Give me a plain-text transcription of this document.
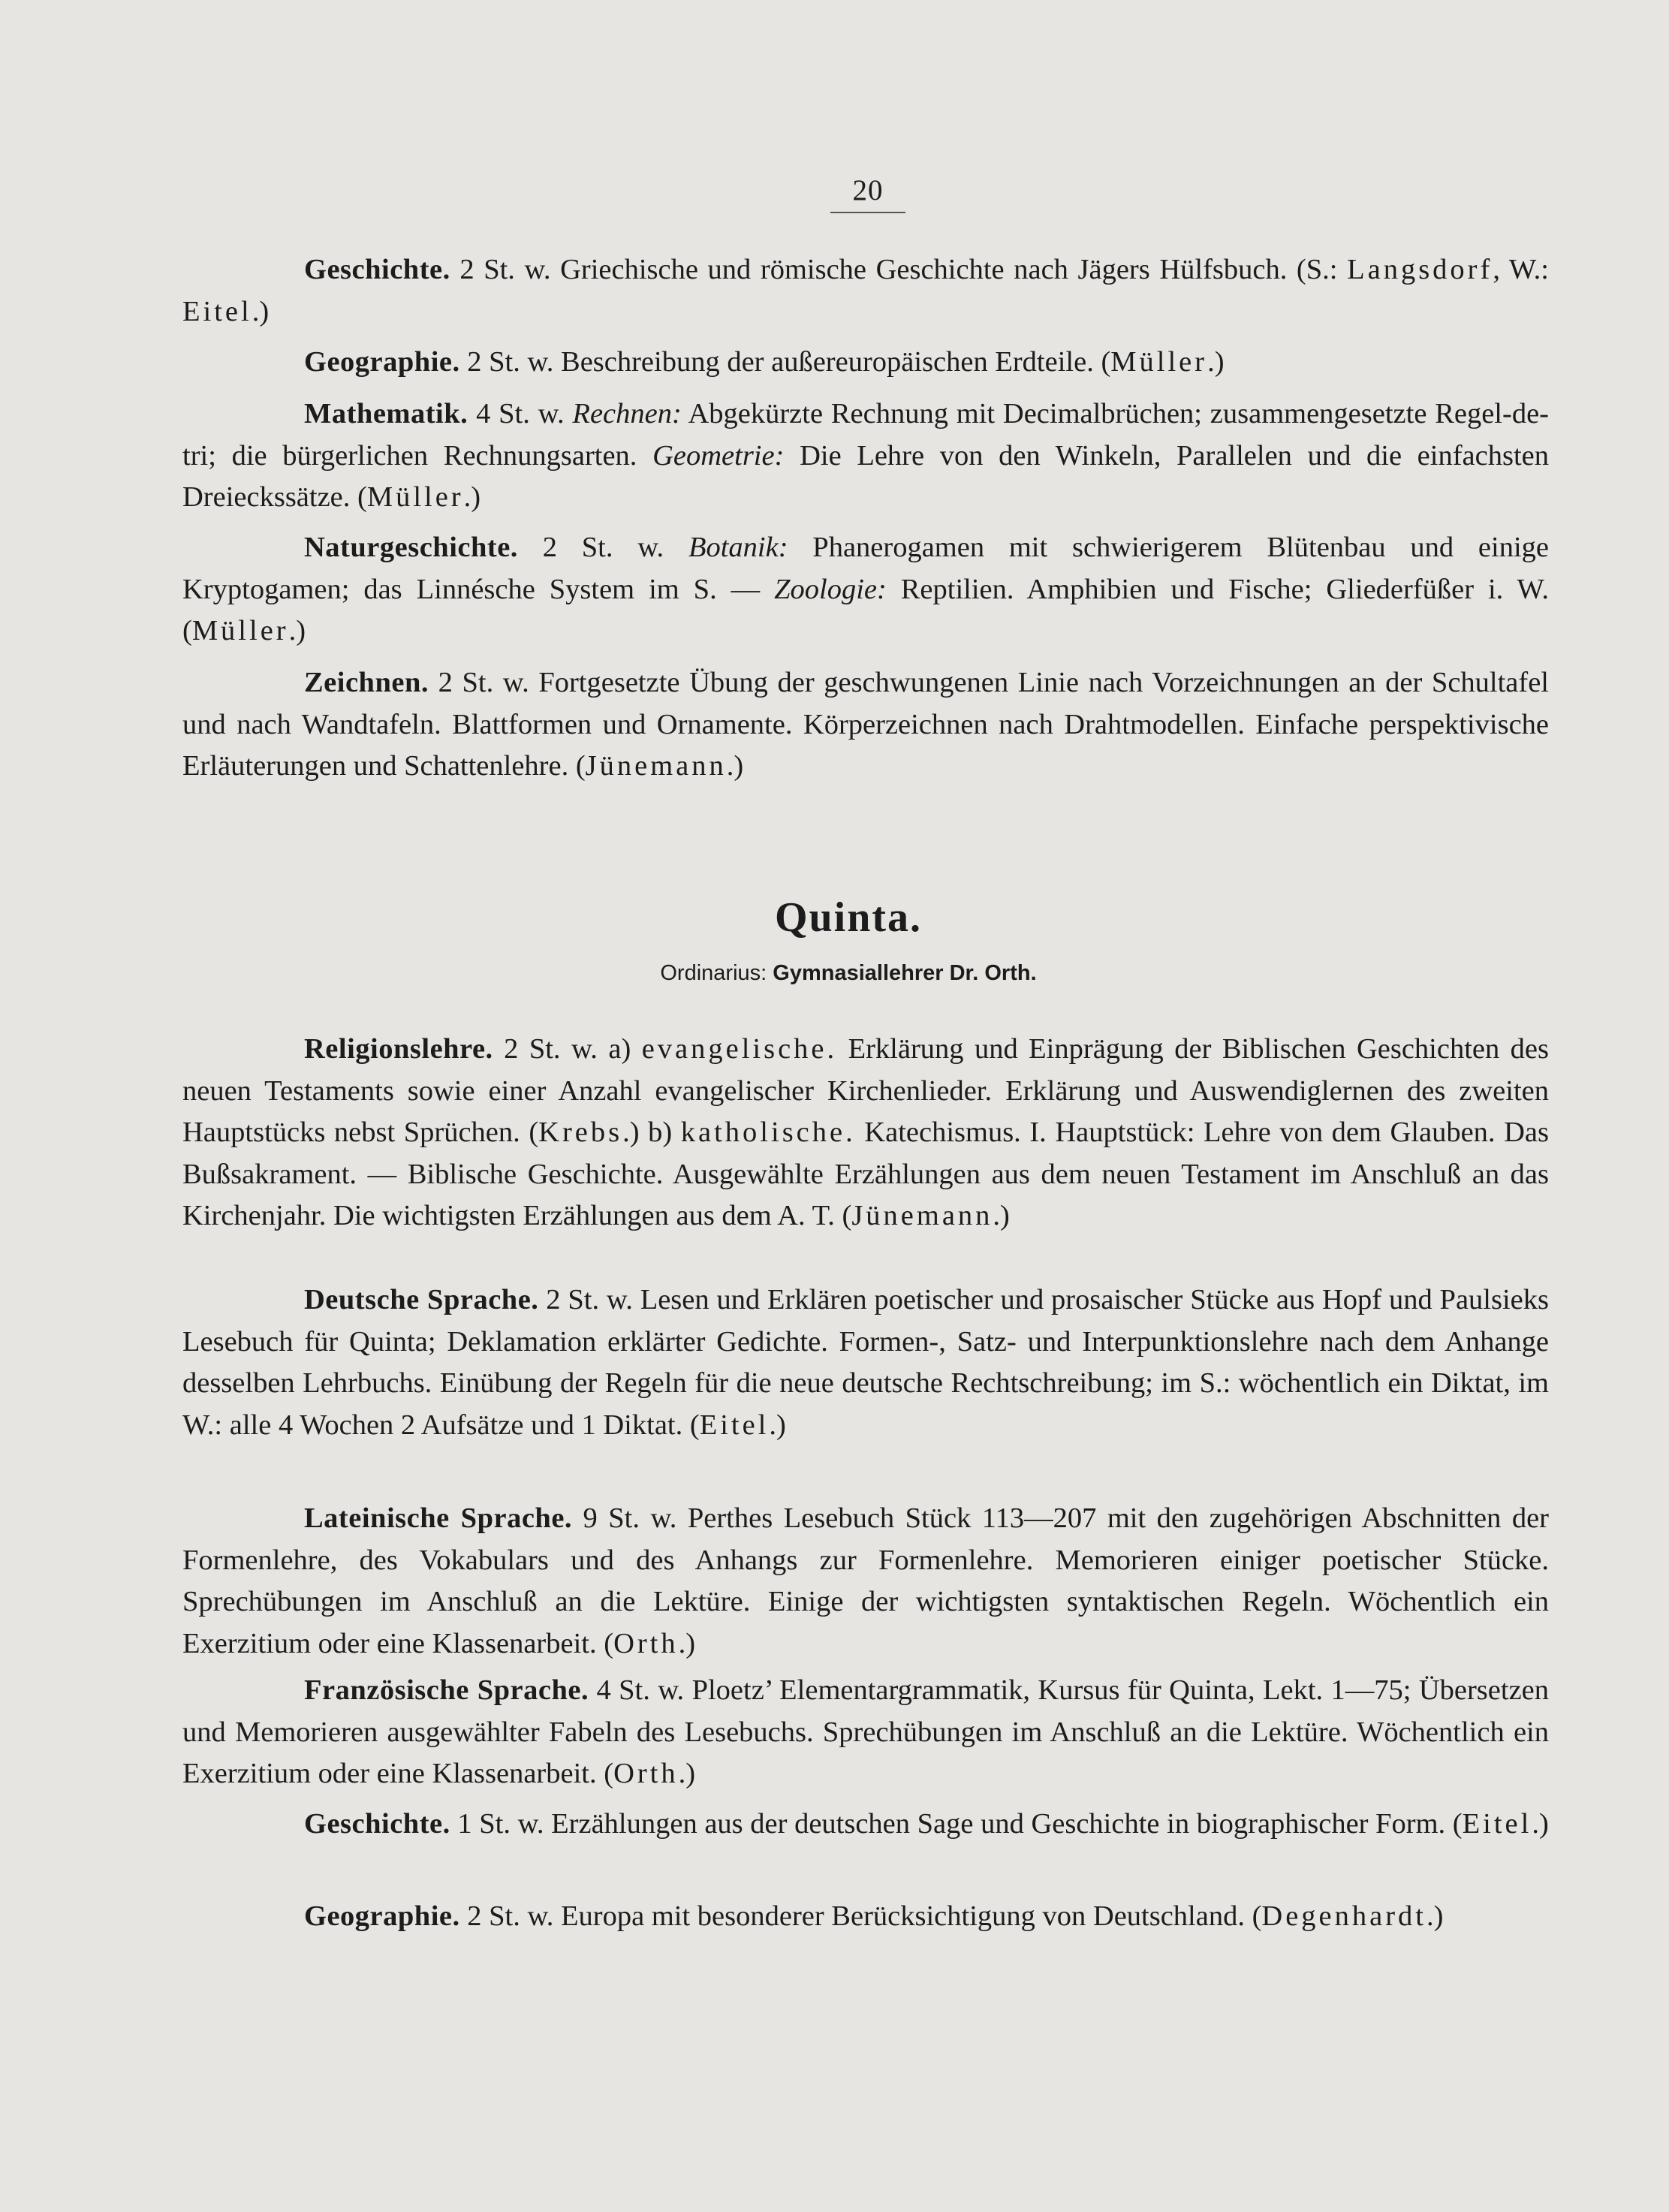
20

Geschichte. 2 St. w. Griechische und römische Geschichte nach Jägers Hülfsbuch. (S.: Langsdorf, W.: Eitel.)

Geographie. 2 St. w. Beschreibung der außereuropäischen Erdteile. (Müller.)

Mathematik. 4 St. w. Rechnen: Abgekürzte Rechnung mit Decimalbrüchen; zusammengesetzte Regel-de-tri; die bürgerlichen Rechnungsarten. Geometrie: Die Lehre von den Winkeln, Parallelen und die einfachsten Dreieckssätze. (Müller.)

Naturgeschichte. 2 St. w. Botanik: Phanerogamen mit schwierigerem Blütenbau und einige Kryptogamen; das Linnésche System im S. — Zoologie: Reptilien. Amphibien und Fische; Gliederfüßer i. W. (Müller.)

Zeichnen. 2 St. w. Fortgesetzte Übung der geschwungenen Linie nach Vorzeichnungen an der Schultafel und nach Wandtafeln. Blattformen und Ornamente. Körperzeichnen nach Drahtmodellen. Einfache perspektivische Erläuterungen und Schattenlehre. (Jünemann.)

Quinta.
Ordinarius: Gymnasiallehrer Dr. Orth.

Religionslehre. 2 St. w. a) evangelische. Erklärung und Einprägung der Biblischen Geschichten des neuen Testaments sowie einer Anzahl evangelischer Kirchenlieder. Erklärung und Auswendiglernen des zweiten Hauptstücks nebst Sprüchen. (Krebs.) b) katholische. Katechismus. I. Hauptstück: Lehre von dem Glauben. Das Bußsakrament. — Biblische Geschichte. Ausgewählte Erzählungen aus dem neuen Testament im Anschluß an das Kirchenjahr. Die wichtigsten Erzählungen aus dem A. T. (Jünemann.)

Deutsche Sprache. 2 St. w. Lesen und Erklären poetischer und prosaischer Stücke aus Hopf und Paulsieks Lesebuch für Quinta; Deklamation erklärter Gedichte. Formen-, Satz- und Interpunktionslehre nach dem Anhange desselben Lehrbuchs. Einübung der Regeln für die neue deutsche Rechtschreibung; im S.: wöchentlich ein Diktat, im W.: alle 4 Wochen 2 Aufsätze und 1 Diktat. (Eitel.)

Lateinische Sprache. 9 St. w. Perthes Lesebuch Stück 113—207 mit den zugehörigen Abschnitten der Formenlehre, des Vokabulars und des Anhangs zur Formenlehre. Memorieren einiger poetischer Stücke. Sprechübungen im Anschluß an die Lektüre. Einige der wichtigsten syntaktischen Regeln. Wöchentlich ein Exerzitium oder eine Klassenarbeit. (Orth.)

Französische Sprache. 4 St. w. Ploetz’ Elementargrammatik, Kursus für Quinta, Lekt. 1—75; Übersetzen und Memorieren ausgewählter Fabeln des Lesebuchs. Sprechübungen im Anschluß an die Lektüre. Wöchentlich ein Exerzitium oder eine Klassenarbeit. (Orth.)

Geschichte. 1 St. w. Erzählungen aus der deutschen Sage und Geschichte in biographischer Form. (Eitel.)

Geographie. 2 St. w. Europa mit besonderer Berücksichtigung von Deutschland. (Degenhardt.)
